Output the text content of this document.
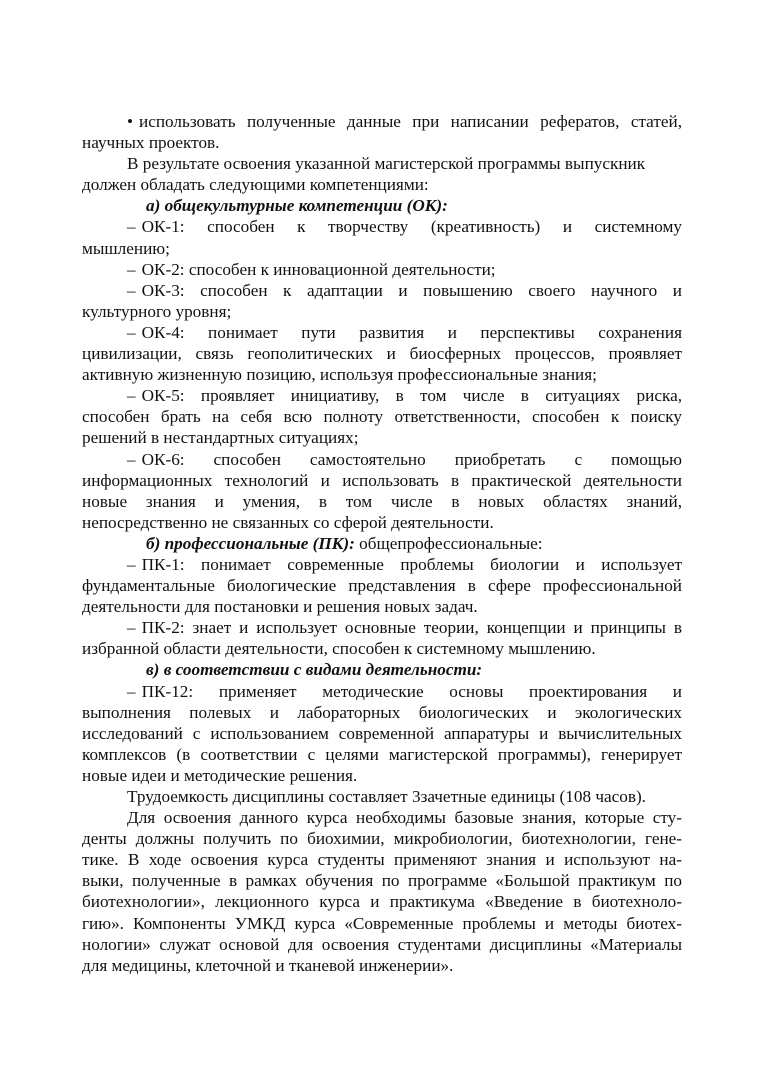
• использовать полученные данные при написании рефератов, статей,
научных проектов.
В результате освоения указанной магистерской программы выпускник
должен обладать следующими компетенциями:
а) общекультурные компетенции (ОК):
– ОК-1: способен к творчеству (креативность) и системному
мышлению;
– ОК-2: способен к инновационной деятельности;
– ОК-3: способен к адаптации и повышению своего научного и
культурного уровня;
– ОК-4: понимает пути развития и перспективы сохранения
цивилизации, связь геополитических и биосферных процессов, проявляет
активную жизненную позицию, используя профессиональные знания;
– ОК-5: проявляет инициативу, в том числе в ситуациях риска,
способен брать на себя всю полноту ответственности, способен к поиску
решений в нестандартных ситуациях;
– ОК-6: способен самостоятельно приобретать с помощью
информационных технологий и использовать в практической деятельности
новые знания и умения, в том числе в новых областях знаний,
непосредственно не связанных со сферой деятельности.
б) профессиональные (ПК): общепрофессиональные:
– ПК-1: понимает современные проблемы биологии и использует
фундаментальные биологические представления в сфере профессиональной
деятельности для постановки и решения новых задач.
– ПК-2: знает и использует основные теории, концепции и принципы в
избранной области деятельности, способен к системному мышлению.
в) в соответствии с видами деятельности:
– ПК-12: применяет методические основы проектирования и
выполнения полевых и лабораторных биологических и экологических
исследований с использованием современной аппаратуры и вычислительных
комплексов (в соответствии с целями магистерской программы), генерирует
новые идеи и методические решения.
Трудоемкость дисциплины составляет 3зачетные единицы (108 часов).
Для освоения данного курса необходимы базовые знания, которые сту-
денты должны получить по биохимии, микробиологии, биотехнологии, гене-
тике. В ходе освоения курса студенты применяют знания и используют на-
выки, полученные в рамках обучения по программе «Большой практикум по
биотехнологии», лекционного курса и практикума «Введение в биотехноло-
гию». Компоненты УМКД курса «Современные проблемы и методы биотех-
нологии» служат основой для освоения студентами дисциплины «Материалы
для медицины, клеточной и тканевой инженерии».
